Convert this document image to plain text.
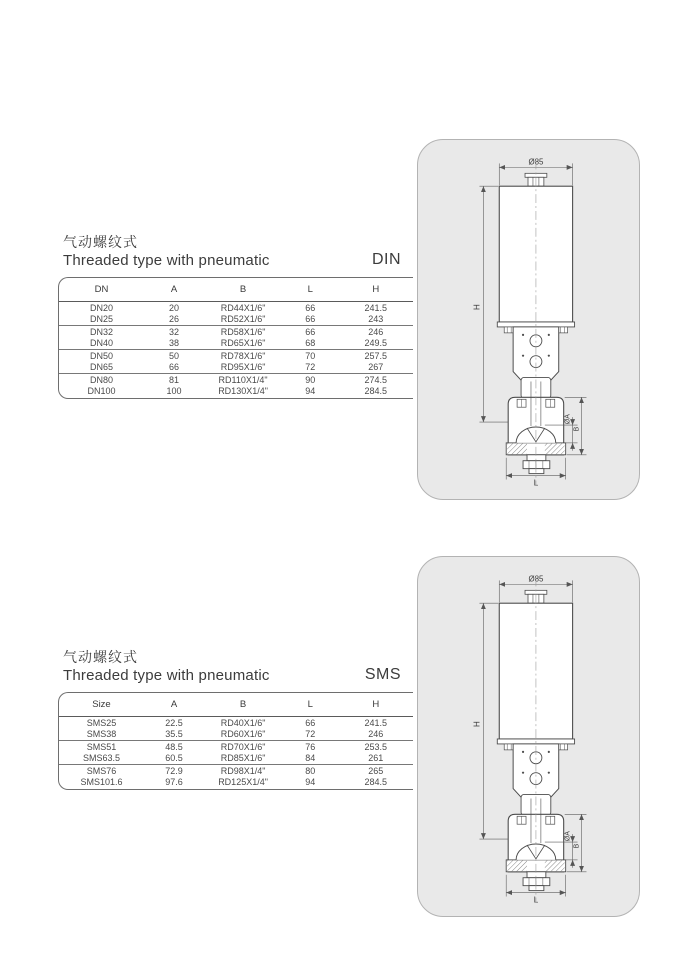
气动螺纹式
Threaded type with pneumatic	DIN
DN	A	B	L	H
DN20	20	RD44X1/6"	66	241.5
DN25	26	RD52X1/6"	66	243
DN32	32	RD58X1/6"	66	246
DN40	38	RD65X1/6"	68	249.5
DN50	50	RD78X1/6"	70	257.5
DN65	66	RD95X1/6"	72	267
DN80	81	RD110X1/4"	90	274.5
DN100	100	RD130X1/4"	94	284.5
气动螺纹式
Threaded type with pneumatic	SMS
Size	A	B	L	H
SMS25	22.5	RD40X1/6"	66	241.5
SMS38	35.5	RD60X1/6"	72	246
SMS51	48.5	RD70X1/6"	76	253.5
SMS63.5	60.5	RD85X1/6"	84	261
SMS76	72.9	RD98X1/4"	80	265
SMS101.6	97.6	RD125X1/4"	94	284.5
